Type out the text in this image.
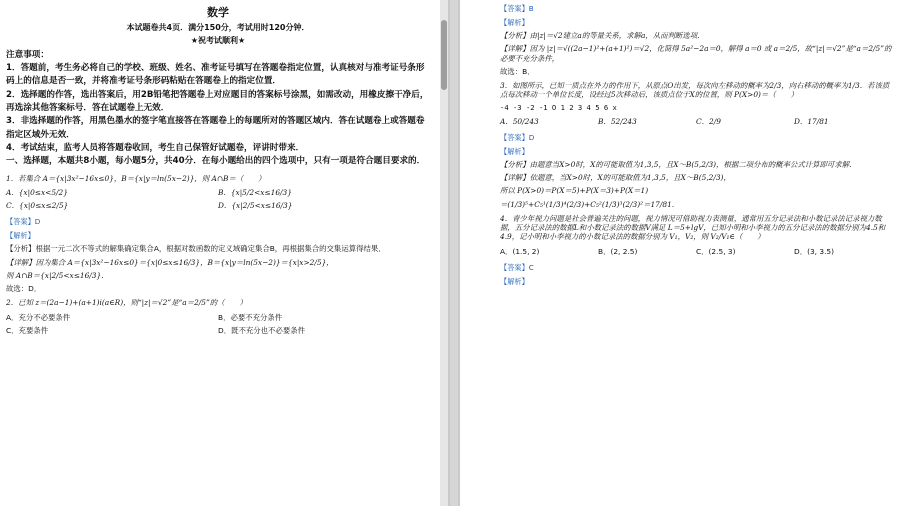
数学
本试题卷共4页．满分150分，考试用时120分钟．
★祝考试顺利★

注意事项：

1．答题前，考生务必将自己的学校、班级、姓名、准考证号填写在答题卷指定位置，认真核对与准考证号条形码上的信息是否一致，并将准考证号条形码粘贴在答题卷上的指定位置．

2．选择题的作答，选出答案后，用2B铅笔把答题卷上对应题目的答案标号涂黑，如需改动，用橡皮擦干净后，再选涂其他答案标号．答在试题卷上无效．

3．非选择题的作答，用黑色墨水的签字笔直接答在答题卷上的每题所对的答题区域内．答在试题卷上或答题卷指定区域外无效．

4．考试结束，监考人员将答题卷收回，考生自己保管好试题卷，评讲时带来．

一、选择题，本题共8小题，每小题5分，共40分．在每小题给出的四个选项中，只有一项是符合题目要求的．

1．若集合 A＝{x|3x²−16x≤0}，B＝{x|y＝ln(5x−2)}，则 A∩B＝（　　）
A．{x|0≤x<5/2}	B．{x|5/2<x≤16/3}
C．{x|0≤x≤2/5}	D．{x|2/5<x≤16/3}
【答案】D
【解析】
【分析】根据一元二次不等式的解集确定集合A，根据对数函数的定义域确定集合B，再根据集合的交集运算得结果．
【详解】因为集合 A＝{x|3x²−16x≤0}＝{x|0≤x≤16/3}，B＝{x|y＝ln(5x−2)}＝{x|x>2/5}，
则 A∩B＝{x|2/5<x≤16/3}．
故选：D．
2．已知 z＝(2a−1)+(a+1)i(a∈R)，则“|z|＝√2”是“a＝2/5”的（　　）
A．充分不必要条件	B．必要不充分条件
C．充要条件	D．既不充分也不必要条件
【答案】B
【解析】
【分析】由|z|＝√2建立a的等量关系，求解a，从而判断选项．
【详解】因为 |z|＝√((2a−1)²+(a+1)²)＝√2，化简得 5a²−2a＝0，解得 a＝0 或 a＝2/5，故“|z|＝√2”是“a＝2/5”的必要不充分条件，
故选：B．
3．如图所示，已知一质点在外力的作用下，从原点O出发，每次向左移动的概率为2/3，向右移动的概率为1/3．若该质点每次移动一个单位长度，设经过5次移动后，该质点位于X的位置，则 P(X>0)＝（　　）
-4 -3 -2 -1 O 1 2 3 4 5 6 x
A．50/243	B．52/243	C．2/9	D．17/81
【答案】D
【解析】
【分析】由题意当X>0时，X的可能取值为1,3,5，且X～B(5,2/3)，根据二项分布的概率公式计算即可求解．
【详解】依题意，当X>0时，X的可能取值为1,3,5，且X～B(5,2/3)，
所以 P(X>0)＝P(X＝5)+P(X＝3)+P(X＝1)
＝(1/3)⁵+C₅¹(1/3)⁴(2/3)+C₅²(1/3)³(2/3)²＝17/81．
4．青少年视力问题是社会普遍关注的问题，视力情况可借助视力表测量，通常用五分记录法和小数记录法记录视力数据，五分记录法的数据L和小数记录法的数据V满足 L＝5+lgV，已知小明和小李视力的五分记录法的数据分别为4.5和4.9，记小明和小李视力的小数记录法的数据分别为 V₁，V₂，则 V₂/V₁∈（　　）
A．(1.5, 2)	B．(2, 2.5)	C．(2.5, 3)	D．(3, 3.5)
【答案】C
【解析】
